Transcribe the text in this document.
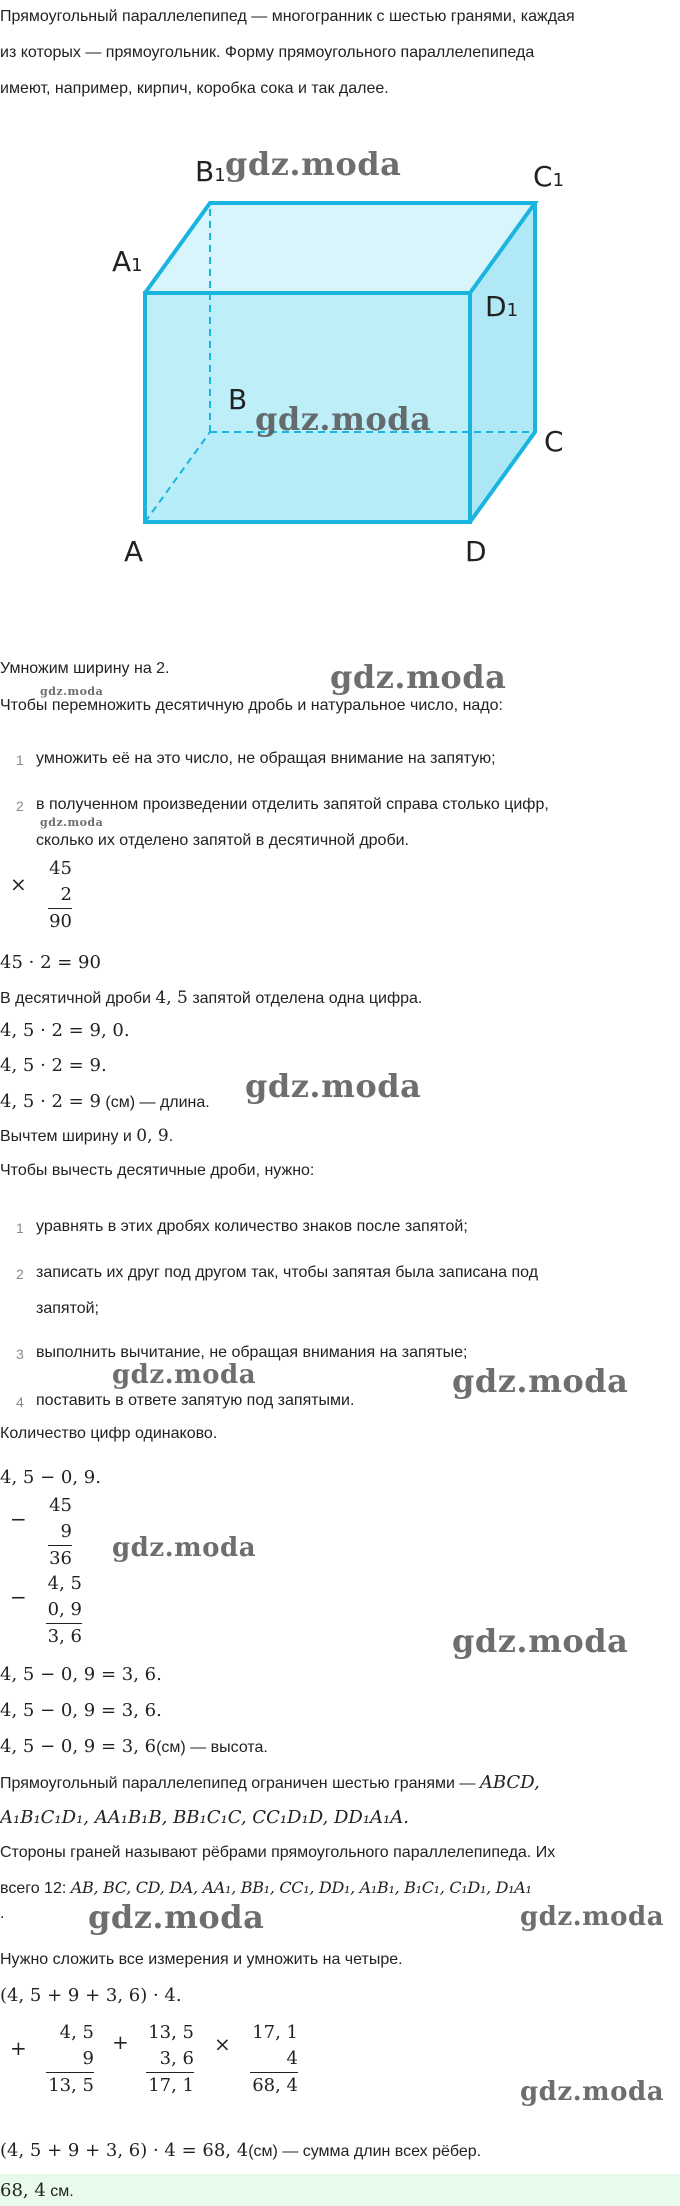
Прямоугольный параллелепипед — многогранник с шестью гранями, каждая
из которых — прямоугольник. Форму прямоугольного параллелепипеда
имеют, например, кирпич, коробка сока и так далее.
B1	C1
A1
D1
B
C
A	D
gdz.moda
gdz.moda
gdz.moda
gdz.moda
gdz.moda
gdz.moda
gdz.moda	gdz.moda
gdz.moda
gdz.moda
gdz.moda	gdz.moda
gdz.moda
Умножим ширину на 2.
Чтобы перемножить десятичную дробь и натуральное число, надо:
1 умножить её на это число, не обращая внимание на запятую;
2 в полученном произведении отделить запятой справа столько цифр,
сколько их отделено запятой в десятичной дроби.
×
45
2
90
45 · 2 = 90
В десятичной дроби 4, 5 запятой отделена одна цифра.
4, 5 · 2 = 9, 0.
4, 5 · 2 = 9.
4, 5 · 2 = 9 (см) — длина.
Вычтем ширину и 0, 9.
Чтобы вычесть десятичные дроби, нужно:
1 уравнять в этих дробях количество знаков после запятой;
2 записать их друг под другом так, чтобы запятая была записана под
запятой;
3 выполнить вычитание, не обращая внимания на запятые;
4 поставить в ответе запятую под запятыми.
Количество цифр одинаково.
4, 5 − 0, 9.
−
45
9
36
−
4, 5
0, 9
3, 6
4, 5 − 0, 9 = 3, 6.
4, 5 − 0, 9 = 3, 6.
4, 5 − 0, 9 = 3, 6(см) — высота.
Прямоугольный параллелепипед ограничен шестью гранями — ABCD,
A₁B₁C₁D₁, AA₁B₁B, BB₁C₁C, CC₁D₁D, DD₁A₁A.
Стороны граней называют рёбрами прямоугольного параллелепипеда. Их
всего 12: AB, BC, CD, DA, AA₁, BB₁, CC₁, DD₁, A₁B₁, B₁C₁, C₁D₁, D₁A₁
.
Нужно сложить все измерения и умножить на четыре.
(4, 5 + 9 + 3, 6) · 4.
+
4, 5
9
13, 5
+ 13, 5
3, 6
17, 1
× 17, 1
4
68, 4
(4, 5 + 9 + 3, 6) · 4 = 68, 4(см) — сумма длин всех рёбер.
68, 4 см.
